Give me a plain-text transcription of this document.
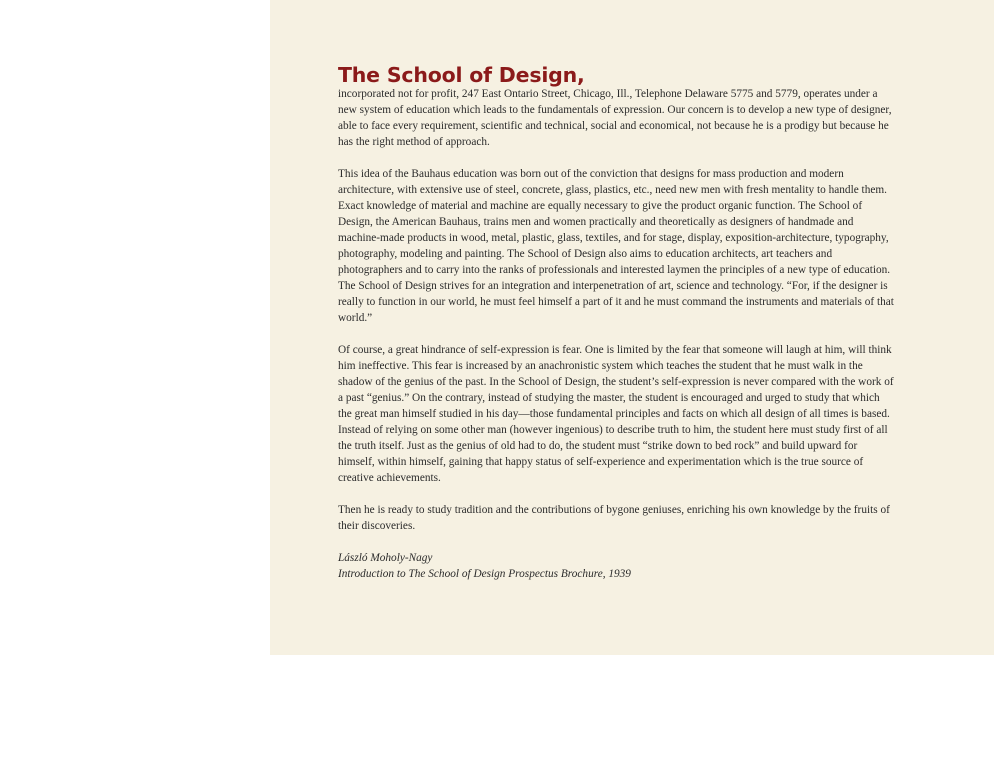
The School of Design,

incorporated not for profit, 247 East Ontario Street, Chicago, Ill., Telephone Delaware 5775 and 5779, operates under a new system of education which leads to the fundamentals of expression. Our concern is to develop a new type of designer, able to face every requirement, scientific and technical, social and economical, not because he is a prodigy but because he has the right method of approach.

This idea of the Bauhaus education was born out of the conviction that designs for mass production and modern architecture, with extensive use of steel, concrete, glass, plastics, etc., need new men with fresh mentality to handle them. Exact knowledge of material and machine are equally necessary to give the product organic function. The School of Design, the American Bauhaus, trains men and women practically and theoretically as designers of handmade and machine-made products in wood, metal, plastic, glass, textiles, and for stage, display, exposition-architecture, typography, photography, modeling and painting. The School of Design also aims to education architects, art teachers and photographers and to carry into the ranks of professionals and interested laymen the principles of a new type of education. The School of Design strives for an integration and interpenetration of art, science and technology. “For, if the designer is really to function in our world, he must feel himself a part of it and he must command the instruments and materials of that world.”

Of course, a great hindrance of self-expression is fear. One is limited by the fear that someone will laugh at him, will think him ineffective. This fear is increased by an anachronistic system which teaches the student that he must walk in the shadow of the genius of the past. In the School of Design, the student’s self-expression is never compared with the work of a past “genius.” On the contrary, instead of studying the master, the student is encouraged and urged to study that which the great man himself studied in his day—those fundamental principles and facts on which all design of all times is based. Instead of relying on some other man (however ingenious) to describe truth to him, the student here must study first of all the truth itself. Just as the genius of old had to do, the student must “strike down to bed rock” and build upward for himself, within himself, gaining that happy status of self-experience and experimentation which is the true source of creative achievements.

Then he is ready to study tradition and the contributions of bygone geniuses, enriching his own knowledge by the fruits of their discoveries.

László Moholy-Nagy

Introduction to The School of Design Prospectus Brochure, 1939
